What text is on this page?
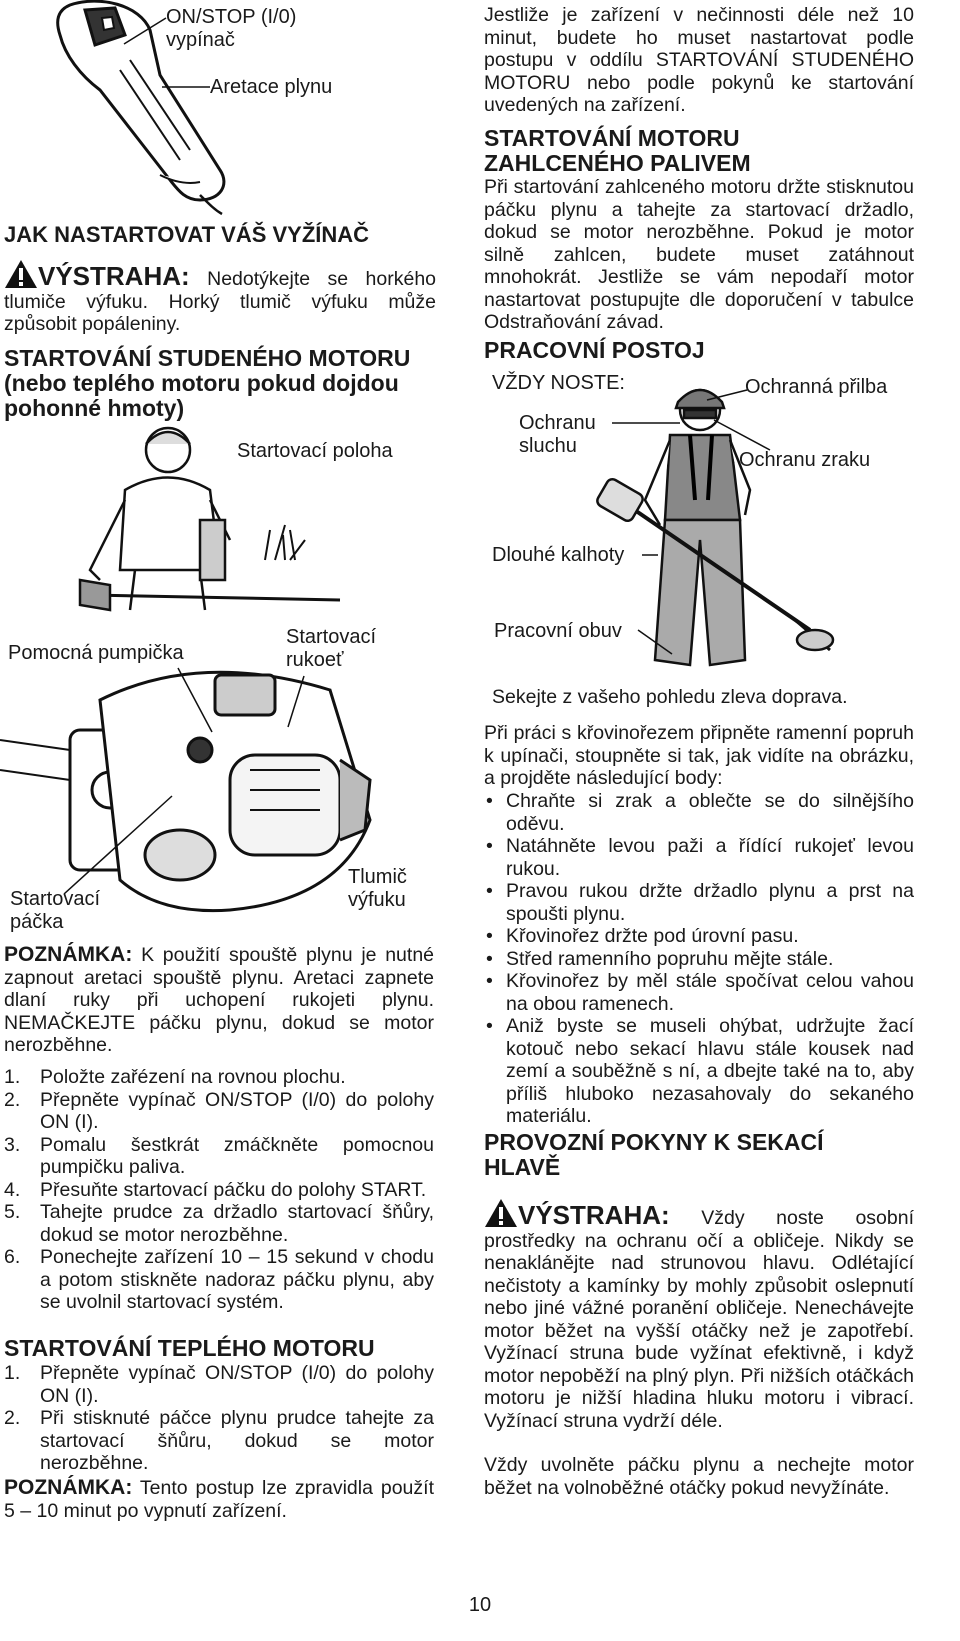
ON/STOP (I/0)
vypínač
Aretace plynu
JAK NASTARTOVAT VÁŠ VYŽÍNAČ
VÝSTRAHA: Nedotýkejte se horkého tlumiče výfuku. Horký tlumič výfuku může způsobit popáleniny.
STARTOVÁNÍ STUDENÉHO MOTORU (nebo teplého motoru pokud dojdou pohonné hmoty)
Startovací poloha
Pomocná pumpička
Startovací
rukoeť
Tlumič
výfuku
Startovací
páčka
POZNÁMKA: K použití spouště plynu je nutné zapnout aretaci spouště plynu. Aretaci zapnete dlaní ruky při uchopení rukojeti plynu. NEMAČKEJTE páčku plynu, dokud se motor nerozběhne.
1. Položte zařézení na rovnou plochu.
2. Přepněte vypínač ON/STOP (I/0) do polohy ON (I).
3. Pomalu šestkrát zmáčkněte pomocnou pumpičku paliva.
4. Přesuňte startovací páčku do polohy START.
5. Tahejte prudce za držadlo startovací šňůry, dokud se motor nerozběhne.
6. Ponechejte zařízení 10 – 15 sekund v chodu a potom stiskněte nadoraz páčku plynu, aby se uvolnil startovací systém.
STARTOVÁNÍ TEPLÉHO MOTORU
1. Přepněte vypínač ON/STOP (I/0) do polohy ON (I).
2. Při stisknuté páčce plynu prudce tahejte za startovací šňůru, dokud se motor nerozběhne.
POZNÁMKA: Tento postup lze zpravidla použít 5 – 10 minut po vypnutí zařízení.
Jestliže je zařízení v nečinnosti déle než 10 minut, budete ho muset nastartovat podle postupu v oddílu STARTOVÁNÍ STUDENÉHO MOTORU nebo podle pokynů ke startování uvedených na zařízení.
STARTOVÁNÍ MOTORU ZAHLCENÉHO PALIVEM
Při startování zahlceného motoru držte stisknutou páčku plynu a tahejte za startovací držadlo, dokud se motor nerozběhne. Pokud je motor silně zahlcen, budete muset zatáhnout mnohokrát. Jestliže se vám nepodaří motor nastartovat postupujte dle doporučení v tabulce Odstraňování závad.
PRACOVNÍ POSTOJ
VŽDY NOSTE:	Ochranná přilba
Ochranu
sluchu
Ochranu zraku
Dlouhé kalhoty
Pracovní obuv
Sekejte z vašeho pohledu zleva doprava.
Při práci s křovinořezem připněte ramenní popruh k upínači, stoupněte si tak, jak vidíte na obrázku, a projděte následující body:
• Chraňte si zrak a oblečte se do silnějšího oděvu.
• Natáhněte levou paži a řídící rukojeť levou rukou.
• Pravou rukou držte držadlo plynu a prst na spoušti plynu.
• Křovinořez držte pod úrovní pasu.
• Střed ramenního popruhu mějte stále.
• Křovinořez by měl stále spočívat celou vahou na obou ramenech.
• Aniž byste se museli ohýbat, udržujte žací kotouč nebo sekací hlavu stále kousek nad zemí a souběžně s ní, a dbejte také na to, aby příliš hluboko nezasahovaly do sekaného materiálu.
PROVOZNÍ POKYNY K SEKACÍ HLAVĚ
VÝSTRAHA: Vždy noste osobní prostředky na ochranu očí a obličeje. Nikdy se nenaklánějte nad strunovou hlavu. Odlétající nečistoty a kamínky by mohly způsobit oslepnutí nebo jiné vážné poranění obličeje. Nenechávejte motor běžet na vyšší otáčky než je zapotřebí. Vyžínací struna bude vyžínat efektivně, i když motor nepoběží na plný plyn. Při nižších otáčkách motoru je nižší hladina hluku motoru i vibrací. Vyžínací struna vydrží déle.
Vždy uvolněte páčku plynu a nechejte motor běžet na volnoběžné otáčky pokud nevyžínáte.
10
